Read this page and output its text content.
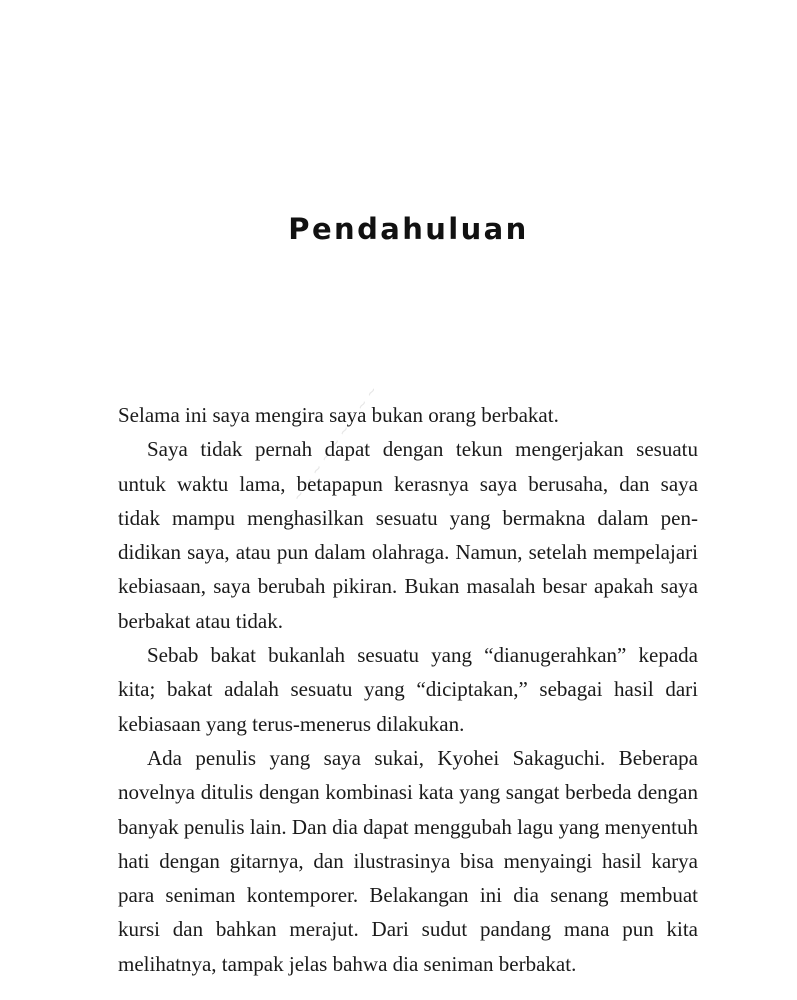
~ ~ ~ ~ ~ ~ ~ ~ ~
Pendahuluan

Selama ini saya mengira saya bukan orang berbakat.

Saya tidak pernah dapat dengan tekun mengerjakan sesuatu untuk waktu lama, betapapun kerasnya saya berusaha, dan saya tidak mampu menghasilkan sesuatu yang bermakna dalam pendidikan saya, atau pun dalam olahraga. Namun, setelah mempelajari kebiasaan, saya berubah pikiran. Bukan masalah besar apakah saya berbakat atau tidak.

Sebab bakat bukanlah sesuatu yang “dianugerahkan” kepada kita; bakat adalah sesuatu yang “diciptakan,” sebagai hasil dari kebiasaan yang terus-menerus dilakukan.

Ada penulis yang saya sukai, Kyohei Sakaguchi. Beberapa novelnya ditulis dengan kombinasi kata yang sangat berbeda dengan banyak penulis lain. Dan dia dapat menggubah lagu yang menyentuh hati dengan gitarnya, dan ilustrasinya bisa menyaingi hasil karya para seniman kontemporer. Belakangan ini dia senang membuat kursi dan bahkan merajut. Dari sudut pandang mana pun kita melihatnya, tampak jelas bahwa dia seniman berbakat.
